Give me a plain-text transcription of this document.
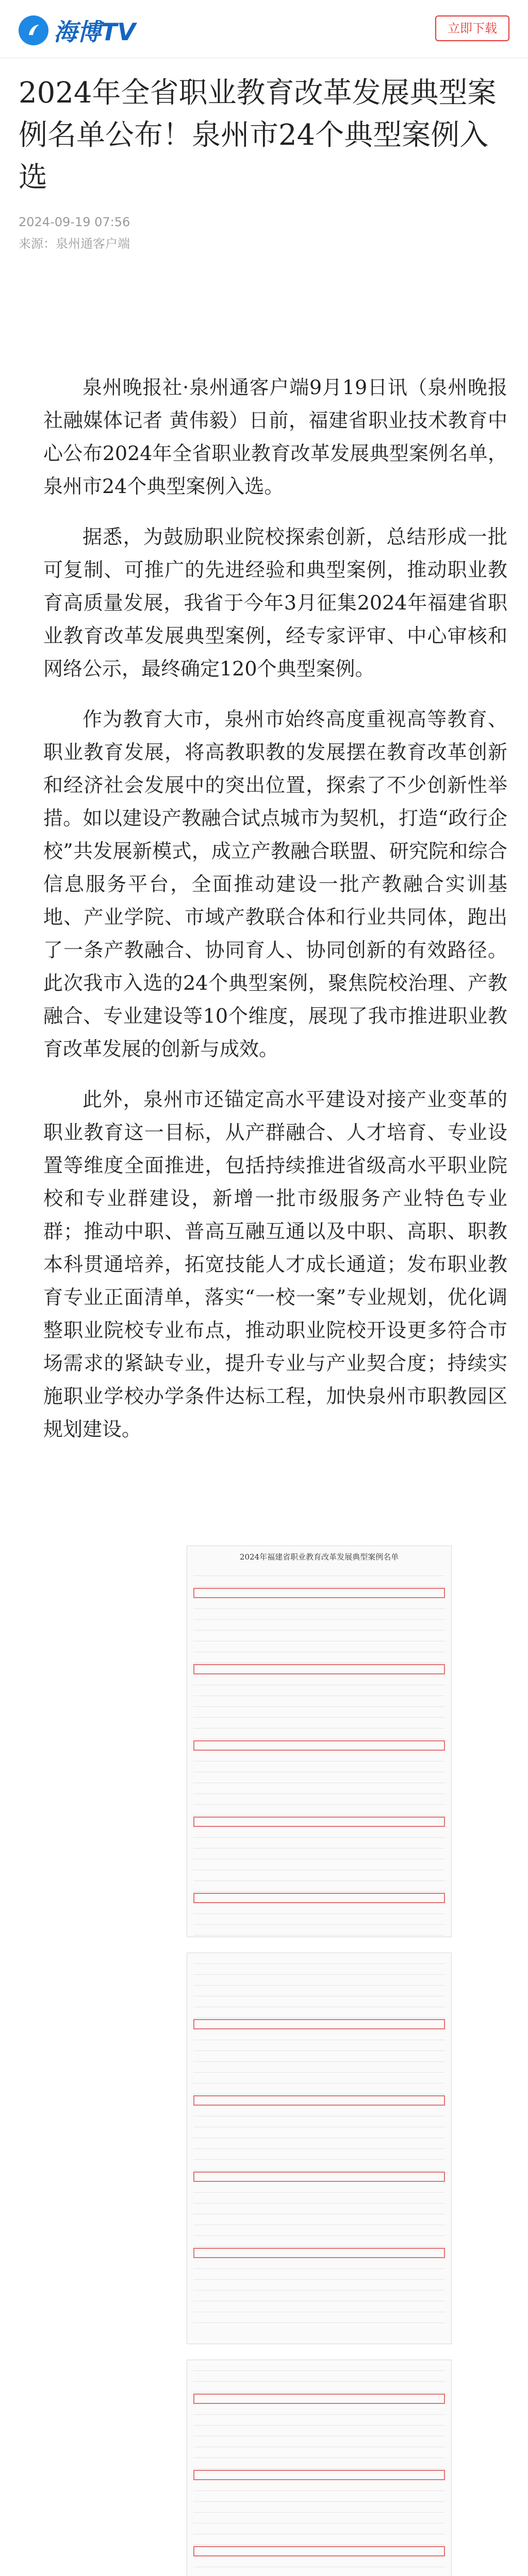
海博TV	立即下载
2024年全省职业教育改革发展典型案例名单公布！泉州市24个典型案例入选
2024-09-19 07:56
来源：泉州通客户端

泉州晚报社·泉州通客户端9月19日讯（泉州晚报社融媒体记者 黄伟毅）日前，福建省职业技术教育中心公布2024年全省职业教育改革发展典型案例名单，泉州市24个典型案例入选。

据悉，为鼓励职业院校探索创新，总结形成一批可复制、可推广的先进经验和典型案例，推动职业教育高质量发展，我省于今年3月征集2024年福建省职业教育改革发展典型案例，经专家评审、中心审核和网络公示，最终确定120个典型案例。

作为教育大市，泉州市始终高度重视高等教育、职业教育发展，将高教职教的发展摆在教育改革创新和经济社会发展中的突出位置，探索了不少创新性举措。如以建设产教融合试点城市为契机，打造“政行企校”共发展新模式，成立产教融合联盟、研究院和综合信息服务平台，全面推动建设一批产教融合实训基地、产业学院、市域产教联合体和行业共同体，跑出了一条产教融合、协同育人、协同创新的有效路径。此次我市入选的24个典型案例，聚焦院校治理、产教融合、专业建设等10个维度，展现了我市推进职业教育改革发展的创新与成效。

此外，泉州市还锚定高水平建设对接产业变革的职业教育这一目标，从产群融合、人才培育、专业设置等维度全面推进，包括持续推进省级高水平职业院校和专业群建设，新增一批市级服务产业特色专业群；推动中职、普高互融互通以及中职、高职、职教本科贯通培养，拓宽技能人才成长通道；发布职业教育专业正面清单，落实“一校一案”专业规划，优化调整职业院校专业布点，推动职业院校开设更多符合市场需求的紧缺专业，提升专业与产业契合度；持续实施职业学校办学条件达标工程，加快泉州市职教园区规划建设。

2024年福建省职业教育改革发展典型案例名单
